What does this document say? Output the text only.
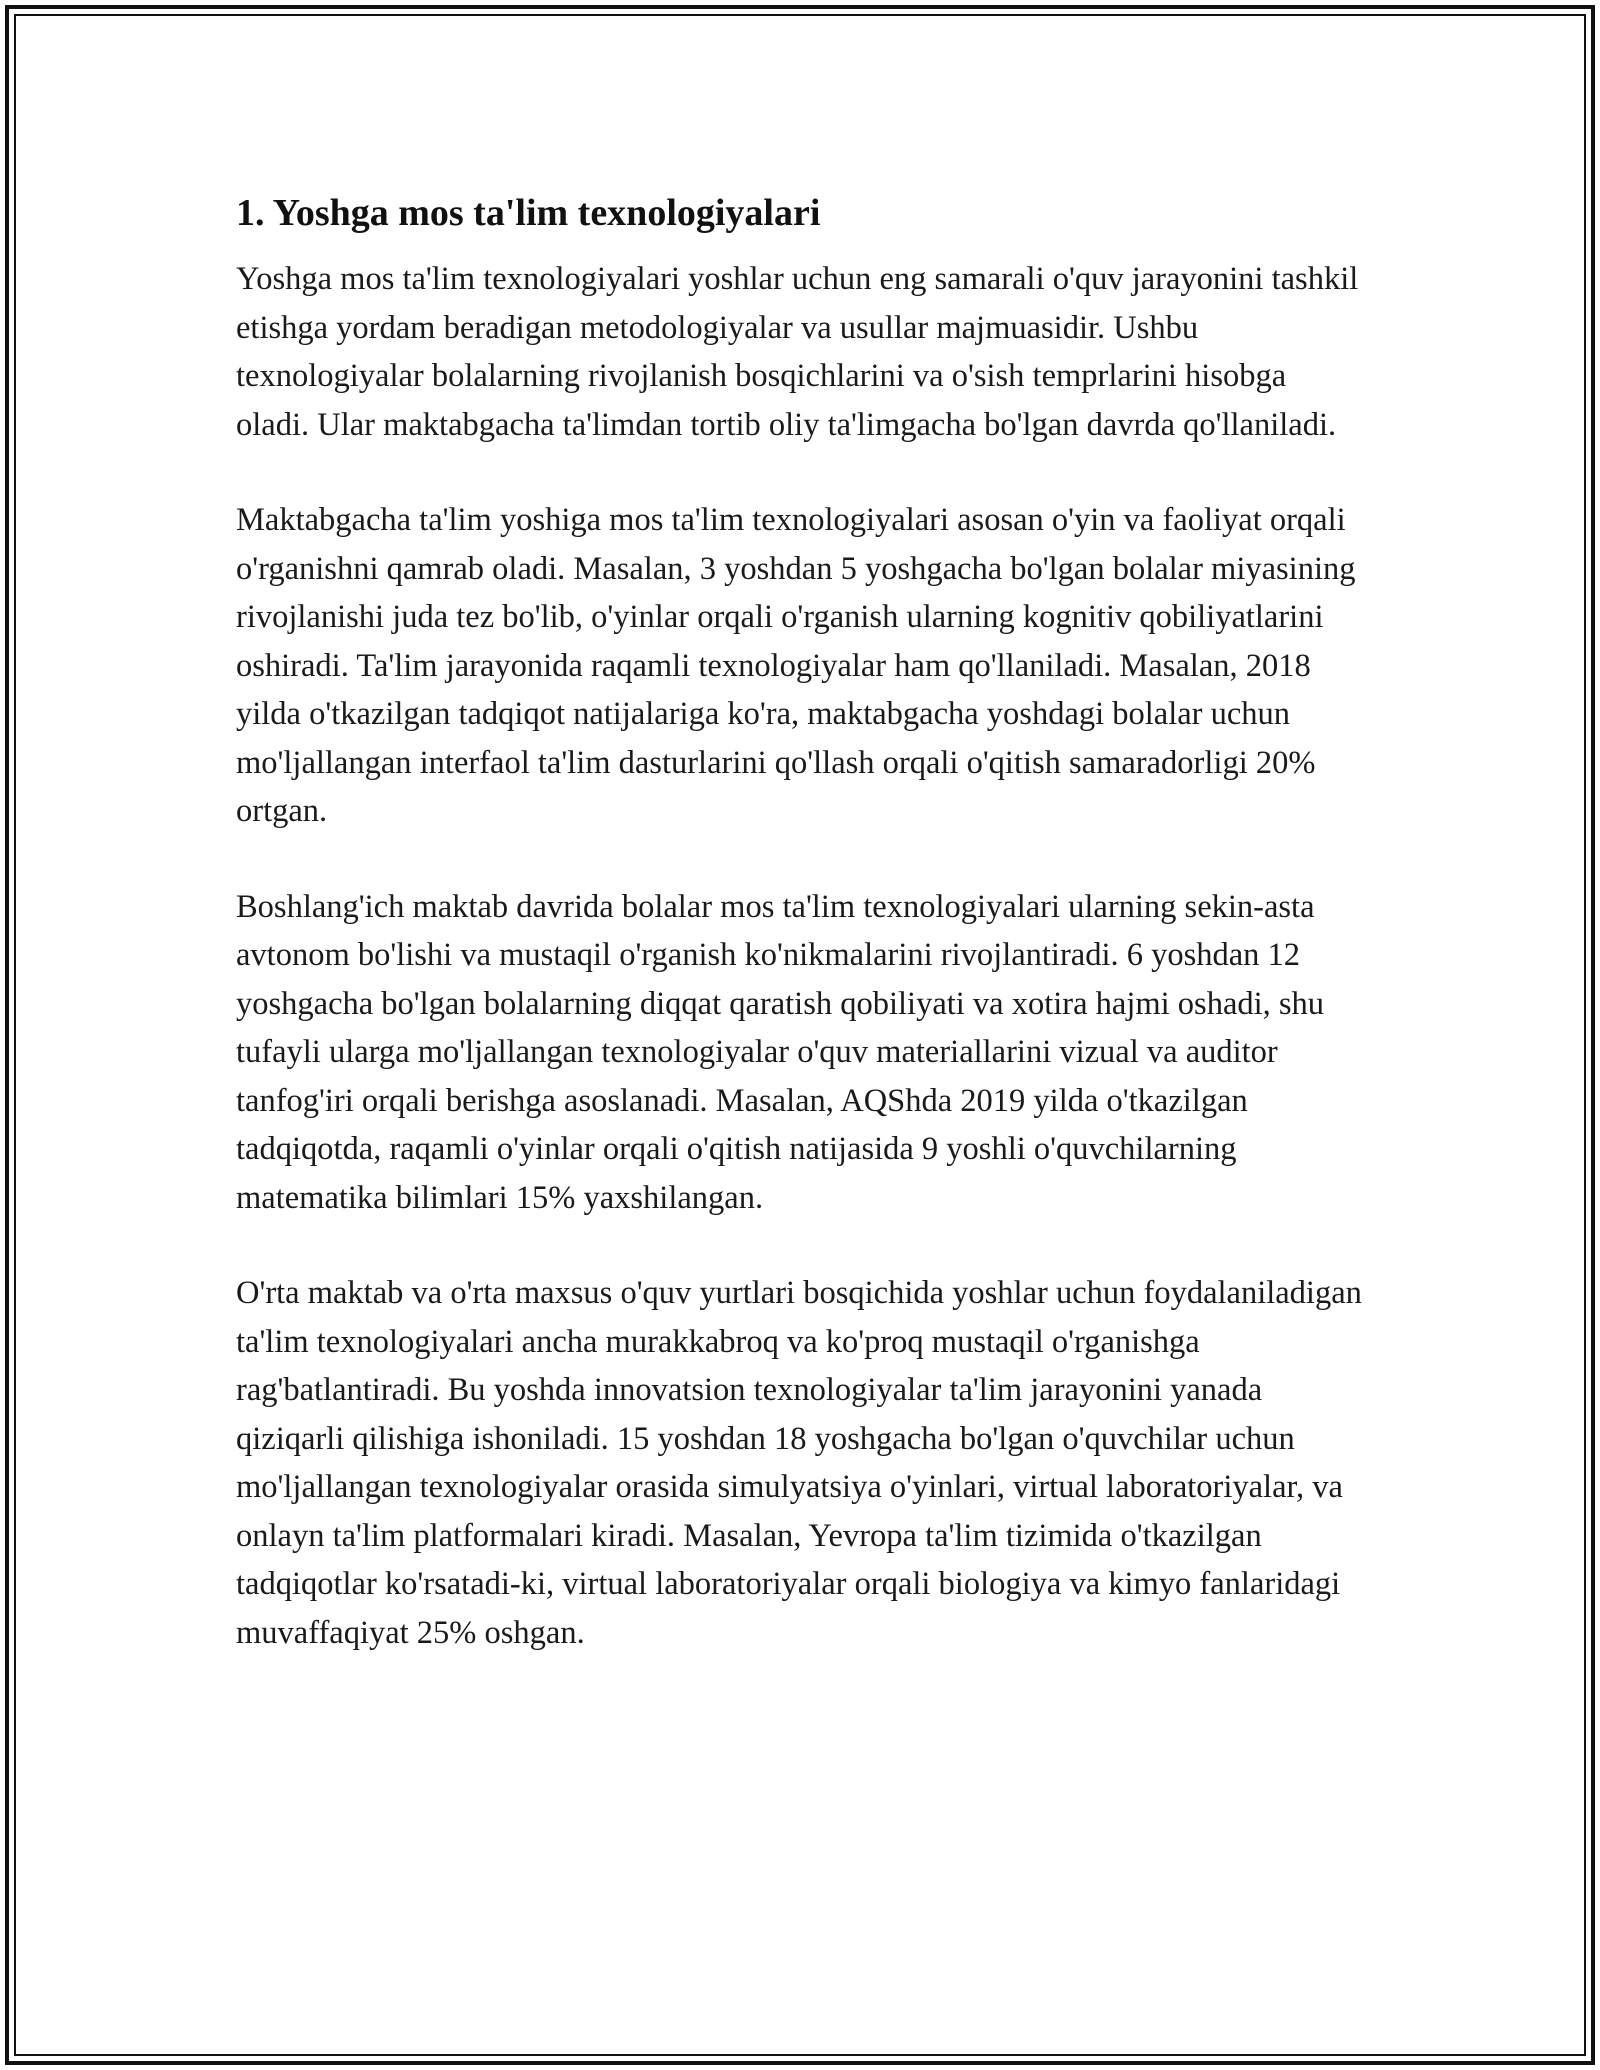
1. Yoshga mos ta'lim texnologiyalari

Yoshga mos ta'lim texnologiyalari yoshlar uchun eng samarali o'quv jarayonini tashkil etishga yordam beradigan metodologiyalar va usullar majmuasidir. Ushbu texnologiyalar bolalarning rivojlanish bosqichlarini va o'sish temprlarini hisobga oladi. Ular maktabgacha ta'limdan tortib oliy ta'limgacha bo'lgan davrda qo'llaniladi.

Maktabgacha ta'lim yoshiga mos ta'lim texnologiyalari asosan o'yin va faoliyat orqali o'rganishni qamrab oladi. Masalan, 3 yoshdan 5 yoshgacha bo'lgan bolalar miyasining rivojlanishi juda tez bo'lib, o'yinlar orqali o'rganish ularning kognitiv qobiliyatlarini oshiradi. Ta'lim jarayonida raqamli texnologiyalar ham qo'llaniladi. Masalan, 2018 yilda o'tkazilgan tadqiqot natijalariga ko'ra, maktabgacha yoshdagi bolalar uchun mo'ljallangan interfaol ta'lim dasturlarini qo'llash orqali o'qitish samaradorligi 20% ortgan.

Boshlang'ich maktab davrida bolalar mos ta'lim texnologiyalari ularning sekin-asta avtonom bo'lishi va mustaqil o'rganish ko'nikmalarini rivojlantiradi. 6 yoshdan 12 yoshgacha bo'lgan bolalarning diqqat qaratish qobiliyati va xotira hajmi oshadi, shu tufayli ularga mo'ljallangan texnologiyalar o'quv materiallarini vizual va auditor tanfog'iri orqali berishga asoslanadi. Masalan, AQShda 2019 yilda o'tkazilgan tadqiqotda, raqamli o'yinlar orqali o'qitish natijasida 9 yoshli o'quvchilarning matematika bilimlari 15% yaxshilangan.

O'rta maktab va o'rta maxsus o'quv yurtlari bosqichida yoshlar uchun foydalaniladigan ta'lim texnologiyalari ancha murakkabroq va ko'proq mustaqil o'rganishga rag'batlantiradi. Bu yoshda innovatsion texnologiyalar ta'lim jarayonini yanada qiziqarli qilishiga ishoniladi. 15 yoshdan 18 yoshgacha bo'lgan o'quvchilar uchun mo'ljallangan texnologiyalar orasida simulyatsiya o'yinlari, virtual laboratoriyalar, va onlayn ta'lim platformalari kiradi. Masalan, Yevropa ta'lim tizimida o'tkazilgan tadqiqotlar ko'rsatadi-ki, virtual laboratoriyalar orqali biologiya va kimyo fanlaridagi muvaffaqiyat 25% oshgan.
